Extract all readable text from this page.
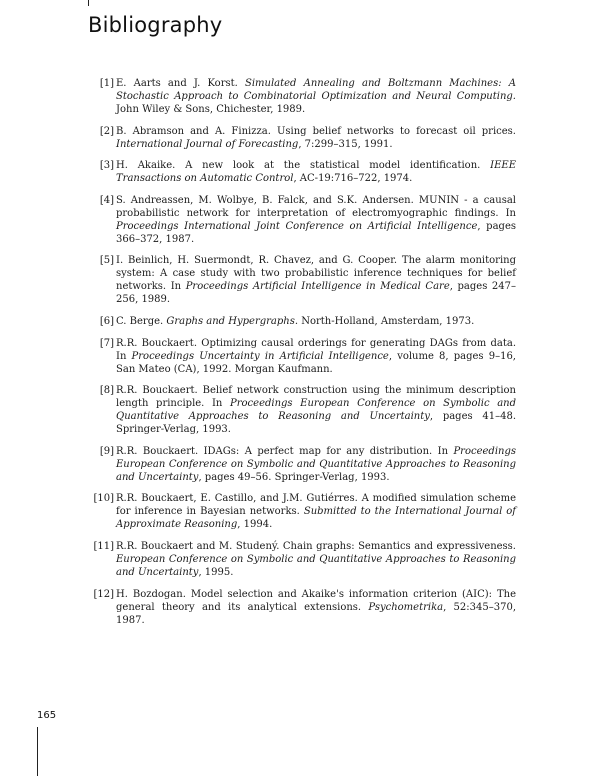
Bibliography
[1] E. Aarts and J. Korst. Simulated Annealing and Boltzmann Machines: A Stochastic Approach to Combinatorial Optimization and Neural Computing. John Wiley & Sons, Chichester, 1989.
[2] B. Abramson and A. Finizza. Using belief networks to forecast oil prices. International Journal of Forecasting, 7:299–315, 1991.
[3] H. Akaike. A new look at the statistical model identification. IEEE Transactions on Automatic Control, AC-19:716–722, 1974.
[4] S. Andreassen, M. Wolbye, B. Falck, and S.K. Andersen. MUNIN - a causal probabilistic network for interpretation of electromyographic findings. In Proceedings International Joint Conference on Artificial Intelligence, pages 366–372, 1987.
[5] I. Beinlich, H. Suermondt, R. Chavez, and G. Cooper. The alarm monitoring system: A case study with two probabilistic inference techniques for belief networks. In Proceedings Artificial Intelligence in Medical Care, pages 247–256, 1989.
[6] C. Berge. Graphs and Hypergraphs. North-Holland, Amsterdam, 1973.
[7] R.R. Bouckaert. Optimizing causal orderings for generating DAGs from data. In Proceedings Uncertainty in Artificial Intelligence, volume 8, pages 9–16, San Mateo (CA), 1992. Morgan Kaufmann.
[8] R.R. Bouckaert. Belief network construction using the minimum description length principle. In Proceedings European Conference on Symbolic and Quantitative Approaches to Reasoning and Uncertainty, pages 41–48. Springer-Verlag, 1993.
[9] R.R. Bouckaert. IDAGs: A perfect map for any distribution. In Proceedings European Conference on Symbolic and Quantitative Approaches to Reasoning and Uncertainty, pages 49–56. Springer-Verlag, 1993.
[10] R.R. Bouckaert, E. Castillo, and J.M. Gutiérres. A modified simulation scheme for inference in Bayesian networks. Submitted to the International Journal of Approximate Reasoning, 1994.
[11] R.R. Bouckaert and M. Studený. Chain graphs: Semantics and expressiveness. European Conference on Symbolic and Quantitative Approaches to Reasoning and Uncertainty, 1995.
[12] H. Bozdogan. Model selection and Akaike's information criterion (AIC): The general theory and its analytical extensions. Psychometrika, 52:345–370, 1987.
165
